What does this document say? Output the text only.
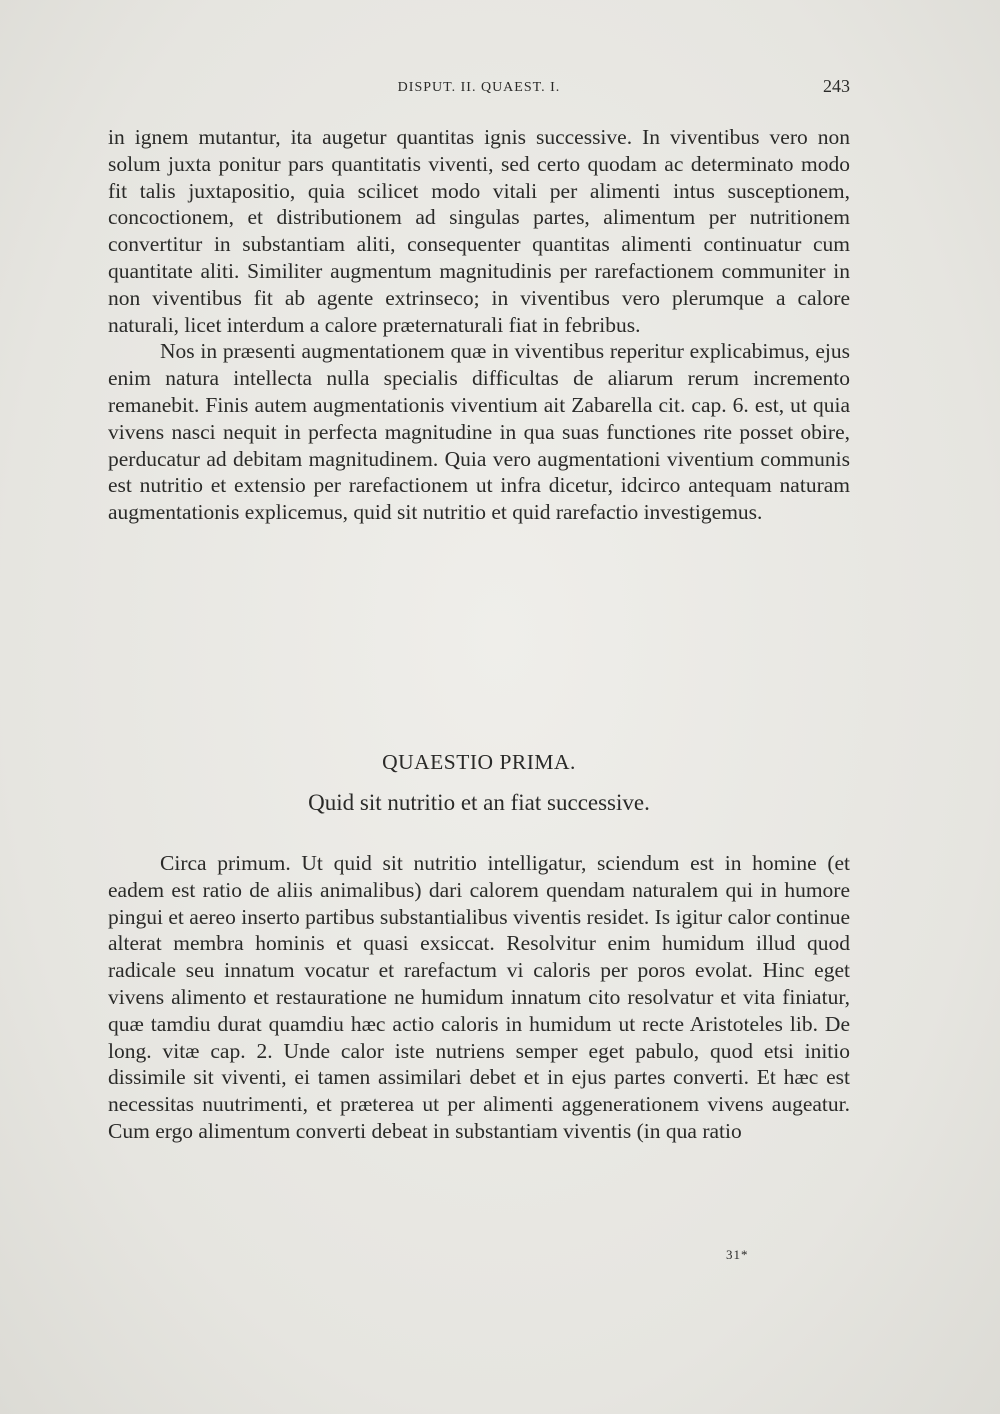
DISPUT. II. QUAEST. I.	243

in ignem mutantur, ita augetur quantitas ignis successive. In viventibus vero non solum juxta ponitur pars quantitatis viventi, sed certo quodam ac determinato modo fit talis juxtapositio, quia scilicet modo vitali per alimenti intus susceptionem, concoctionem, et distributionem ad singulas partes, alimentum per nutritionem convertitur in substantiam aliti, consequenter quantitas alimenti continuatur cum quantitate aliti. Similiter augmentum magnitudinis per rarefactionem communiter in non viventibus fit ab agente extrinseco; in viventibus vero plerumque a calore naturali, licet interdum a calore præternaturali fiat in febribus.

Nos in præsenti augmentationem quæ in viventibus reperitur explicabimus, ejus enim natura intellecta nulla specialis difficultas de aliarum rerum incremento remanebit. Finis autem augmentationis viventium ait Zabarella cit. cap. 6. est, ut quia vivens nasci nequit in perfecta magnitudine in qua suas functiones rite posset obire, perducatur ad debitam magnitudinem. Quia vero augmentationi viventium communis est nutritio et extensio per rarefactionem ut infra dicetur, idcirco antequam naturam augmentationis explicemus, quid sit nutritio et quid rarefactio investigemus.

QUAESTIO PRIMA.
Quid sit nutritio et an fiat successive.

Circa primum. Ut quid sit nutritio intelligatur, sciendum est in homine (et eadem est ratio de aliis animalibus) dari calorem quendam naturalem qui in humore pingui et aereo inserto partibus substantialibus viventis residet. Is igitur calor continue alterat membra hominis et quasi exsiccat. Resolvitur enim humidum illud quod radicale seu innatum vocatur et rarefactum vi caloris per poros evolat. Hinc eget vivens alimento et restauratione ne humidum innatum cito resolvatur et vita finiatur, quæ tamdiu durat quamdiu hæc actio caloris in humidum ut recte Aristoteles lib. De long. vitæ cap. 2. Unde calor iste nutriens semper eget pabulo, quod etsi initio dissimile sit viventi, ei tamen assimilari debet et in ejus partes converti. Et hæc est necessitas nuutrimenti, et præterea ut per alimenti aggenerationem vivens augeatur. Cum ergo alimentum converti debeat in substantiam viventis (in qua ratio

31*
